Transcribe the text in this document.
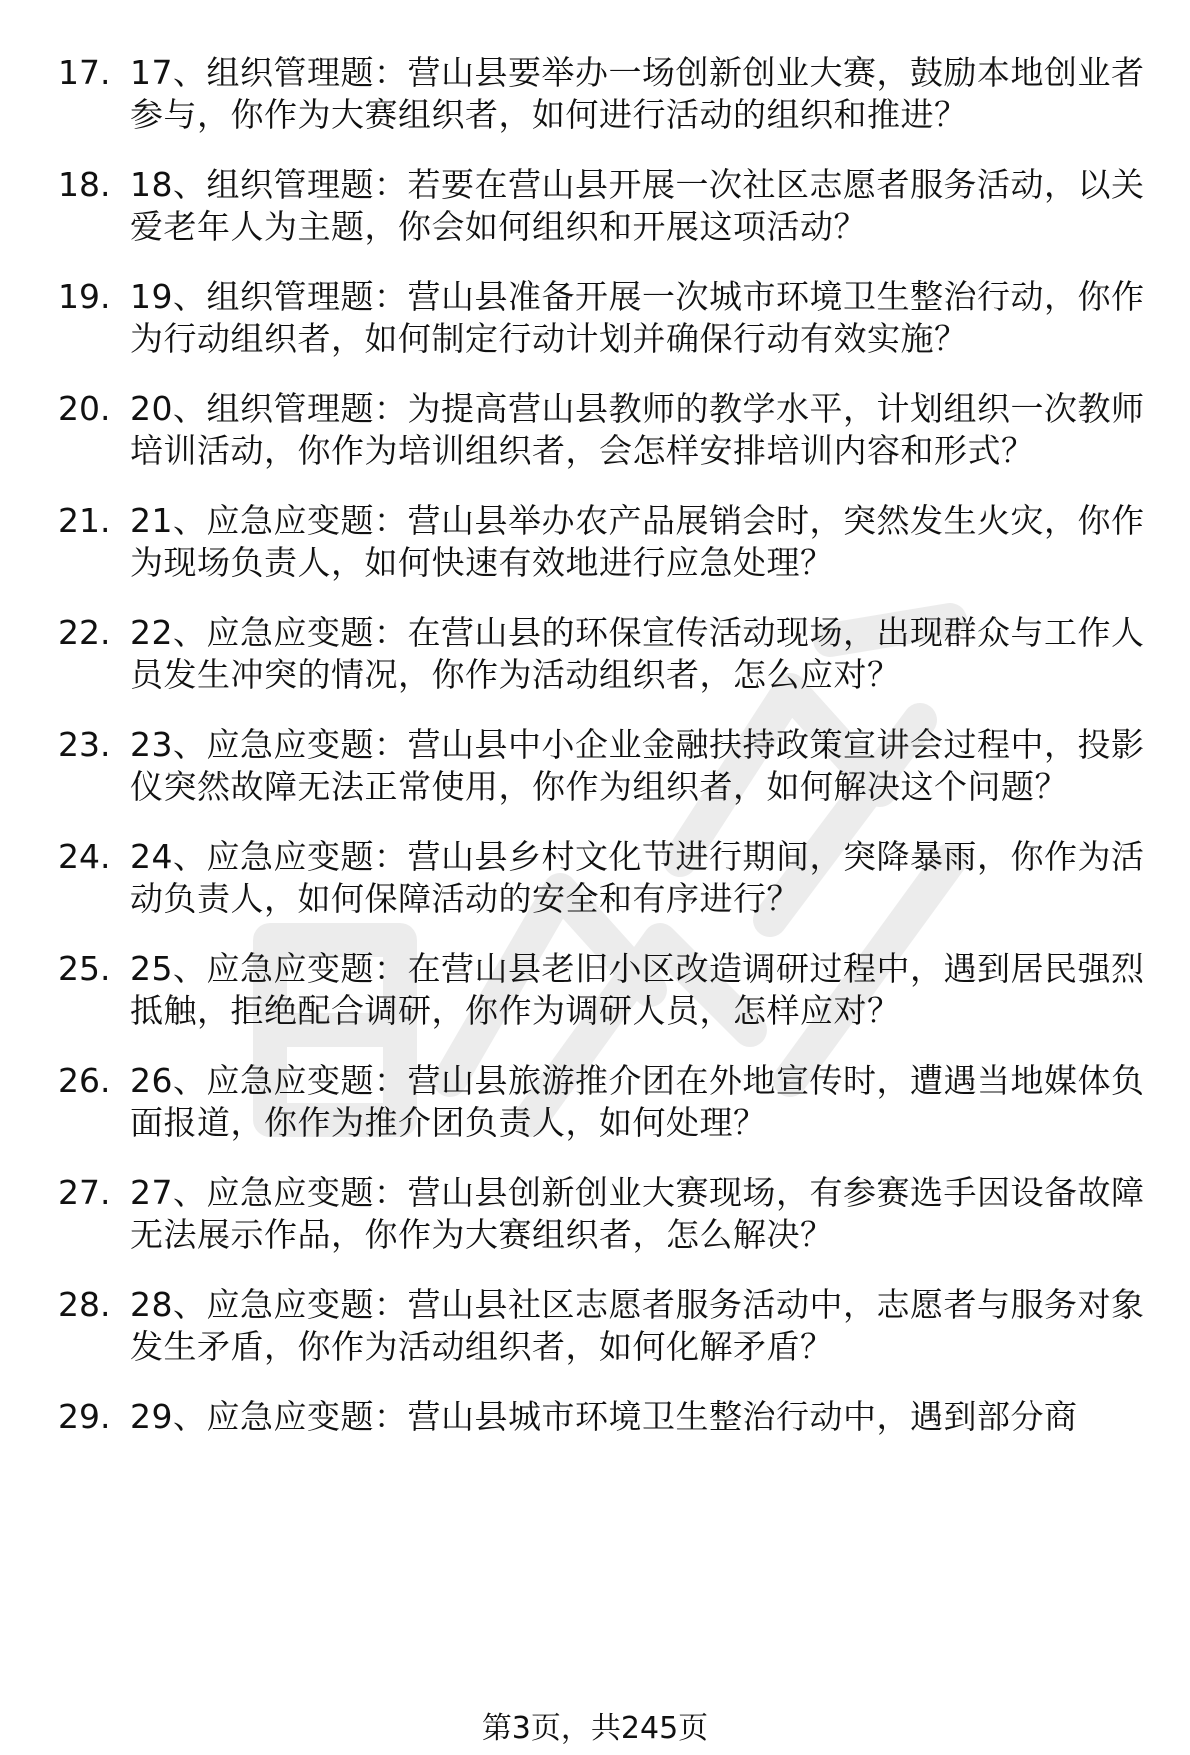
17. 17、组织管理题：营山县要举办一场创新创业大赛，鼓励本地创业者参与，你作为大赛组织者，如何进行活动的组织和推进？
18. 18、组织管理题：若要在营山县开展一次社区志愿者服务活动，以关爱老年人为主题，你会如何组织和开展这项活动？
19. 19、组织管理题：营山县准备开展一次城市环境卫生整治行动，你作为行动组织者，如何制定行动计划并确保行动有效实施？
20. 20、组织管理题：为提高营山县教师的教学水平，计划组织一次教师培训活动，你作为培训组织者，会怎样安排培训内容和形式？
21. 21、应急应变题：营山县举办农产品展销会时，突然发生火灾，你作为现场负责人，如何快速有效地进行应急处理？
22. 22、应急应变题：在营山县的环保宣传活动现场，出现群众与工作人员发生冲突的情况，你作为活动组织者，怎么应对？
23. 23、应急应变题：营山县中小企业金融扶持政策宣讲会过程中，投影仪突然故障无法正常使用，你作为组织者，如何解决这个问题？
24. 24、应急应变题：营山县乡村文化节进行期间，突降暴雨，你作为活动负责人，如何保障活动的安全和有序进行？
25. 25、应急应变题：在营山县老旧小区改造调研过程中，遇到居民强烈抵触，拒绝配合调研，你作为调研人员，怎样应对？
26. 26、应急应变题：营山县旅游推介团在外地宣传时，遭遇当地媒体负面报道，你作为推介团负责人，如何处理？
27. 27、应急应变题：营山县创新创业大赛现场，有参赛选手因设备故障无法展示作品，你作为大赛组织者，怎么解决？
28. 28、应急应变题：营山县社区志愿者服务活动中，志愿者与服务对象发生矛盾，你作为活动组织者，如何化解矛盾？
29. 29、应急应变题：营山县城市环境卫生整治行动中，遇到部分商
第3页，共245页
